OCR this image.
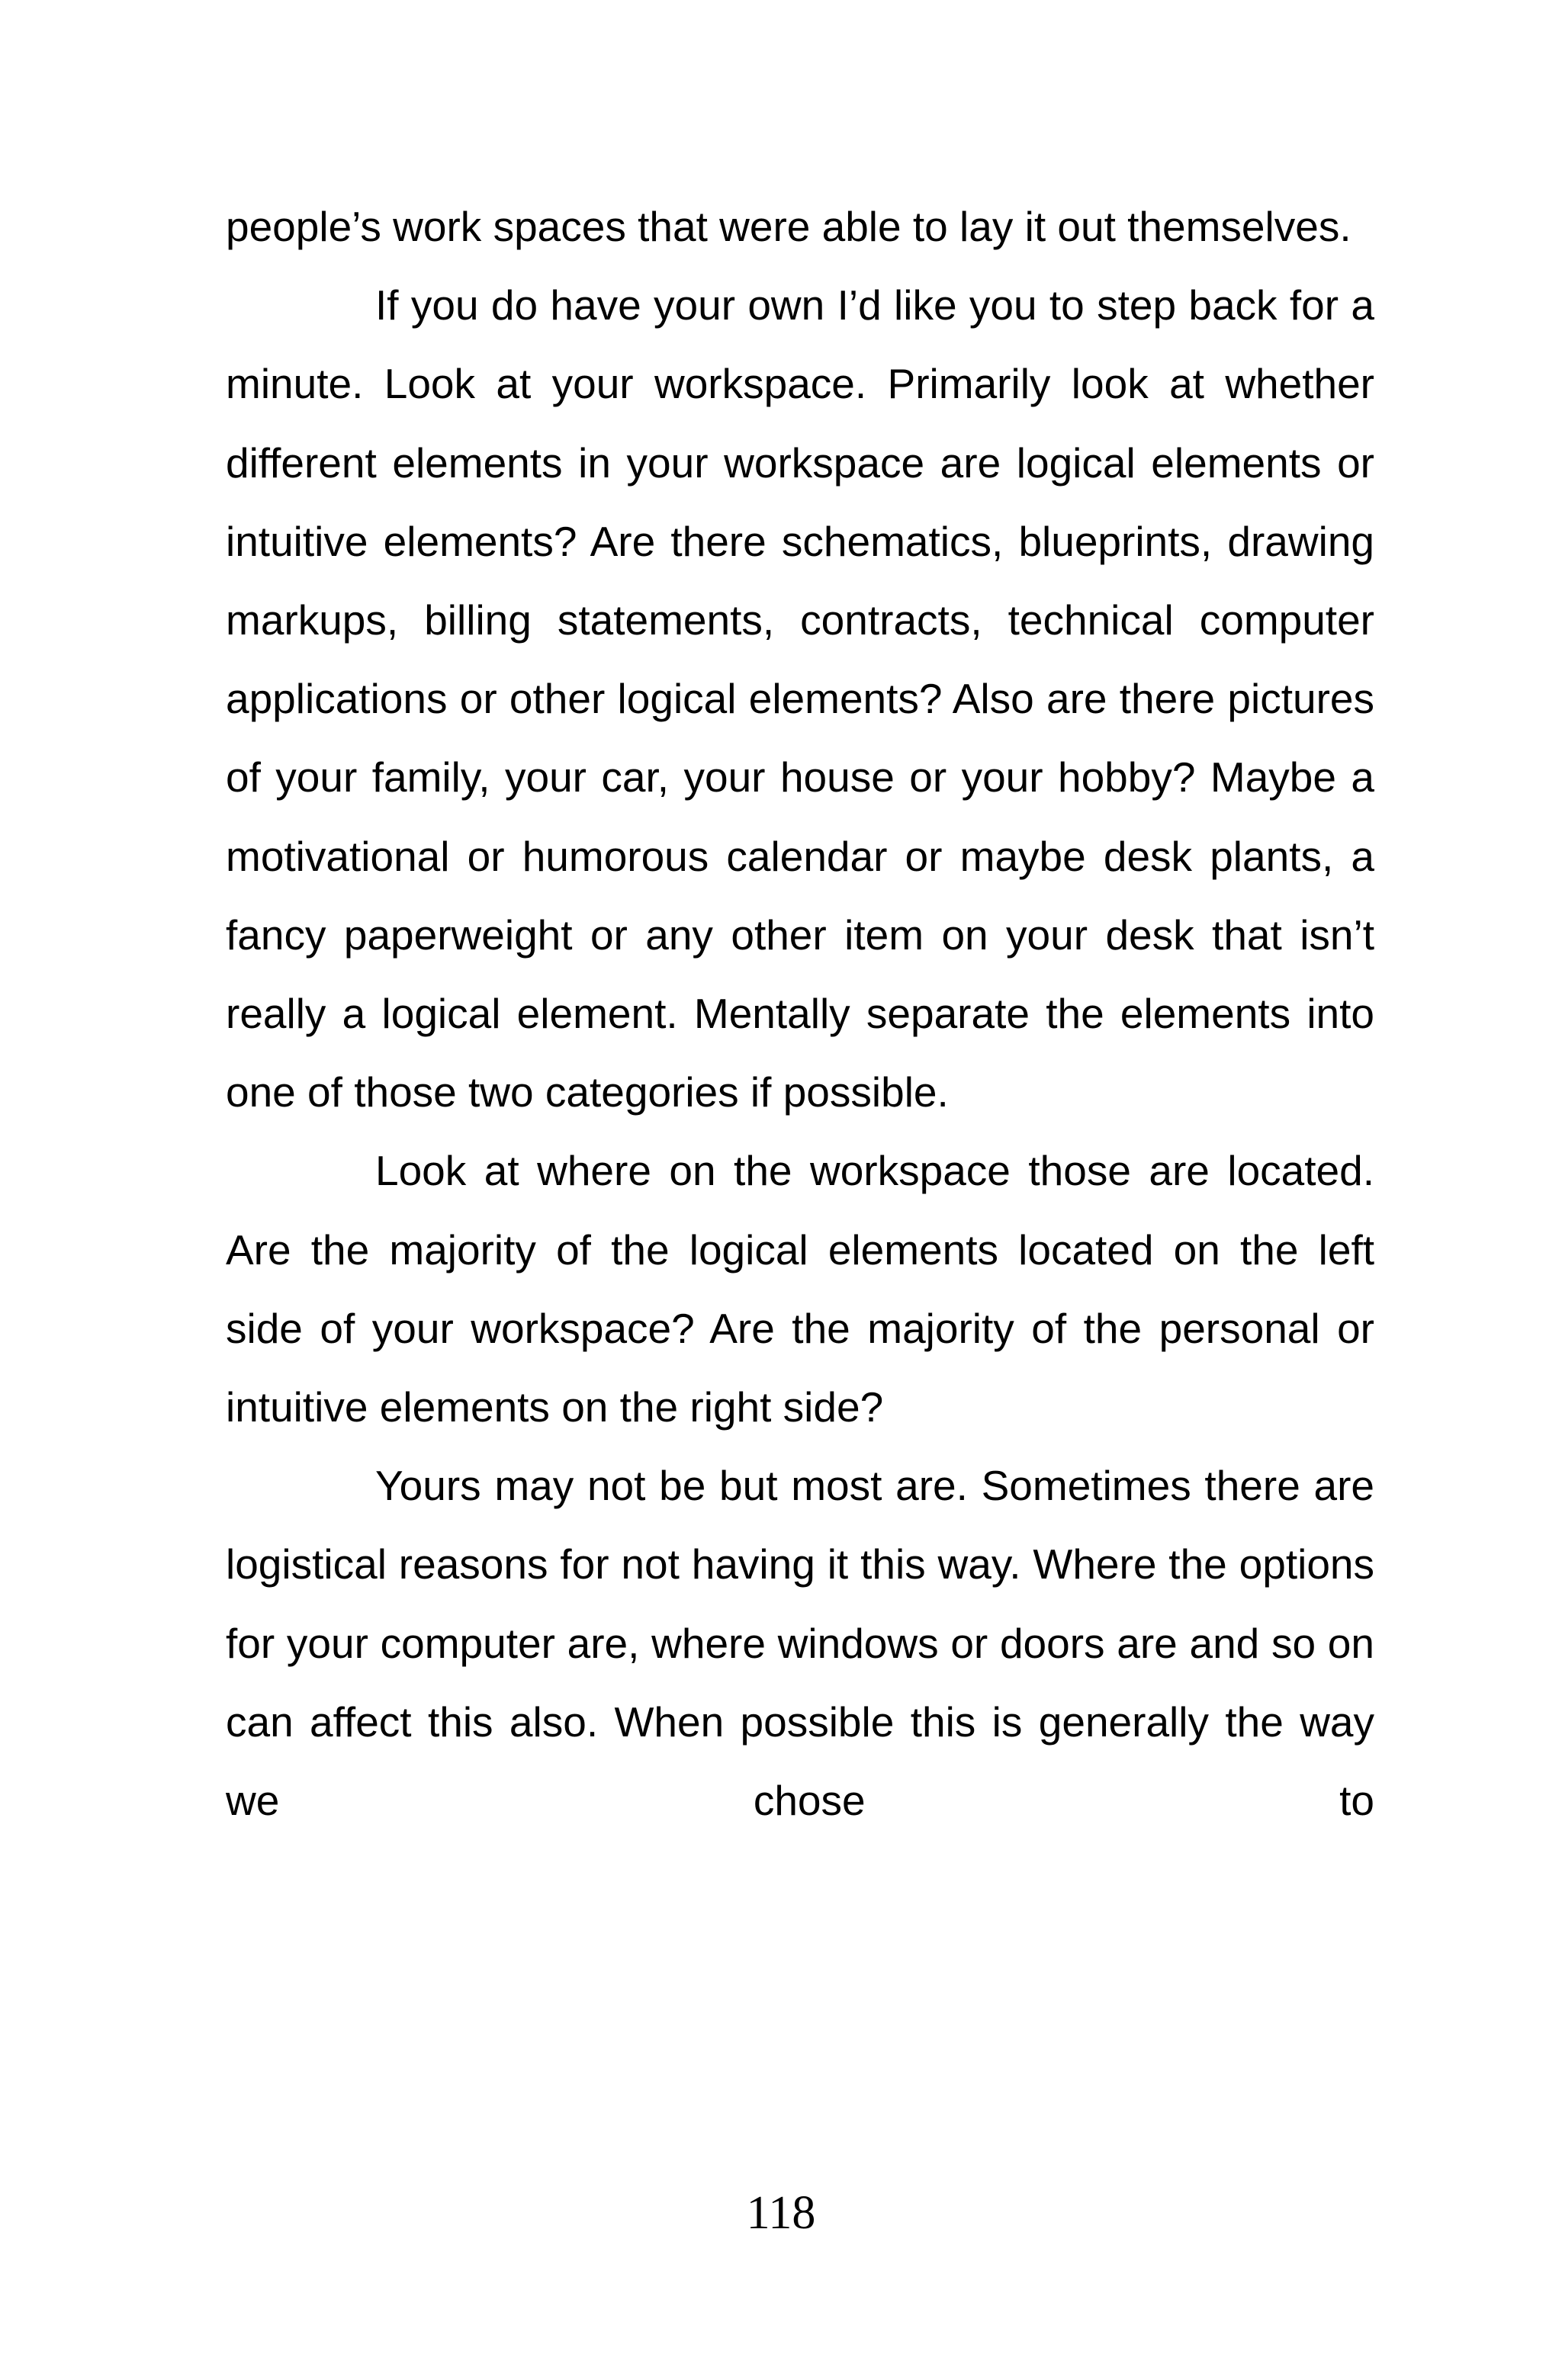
people’s work spaces that were able to lay it out themselves.

If you do have your own I’d like you to step back for a minute. Look at your workspace. Primarily look at whether different elements in your workspace are logical elements or intuitive elements? Are there schematics, blueprints, drawing markups, billing statements, contracts, technical computer applications or other logical elements? Also are there pictures of your family, your car, your house or your hobby? Maybe a motivational or humorous calendar or maybe desk plants, a fancy paperweight or any other item on your desk that isn’t really a logical element. Mentally separate the elements into one of those two categories if possible.

Look at where on the workspace those are located. Are the majority of the logical elements located on the left side of your workspace? Are the majority of the personal or intuitive elements on the right side?

Yours may not be but most are. Sometimes there are logistical reasons for not having it this way. Where the options for your computer are, where windows or doors are and so on can affect this also. When possible this is generally the way we chose to

118
